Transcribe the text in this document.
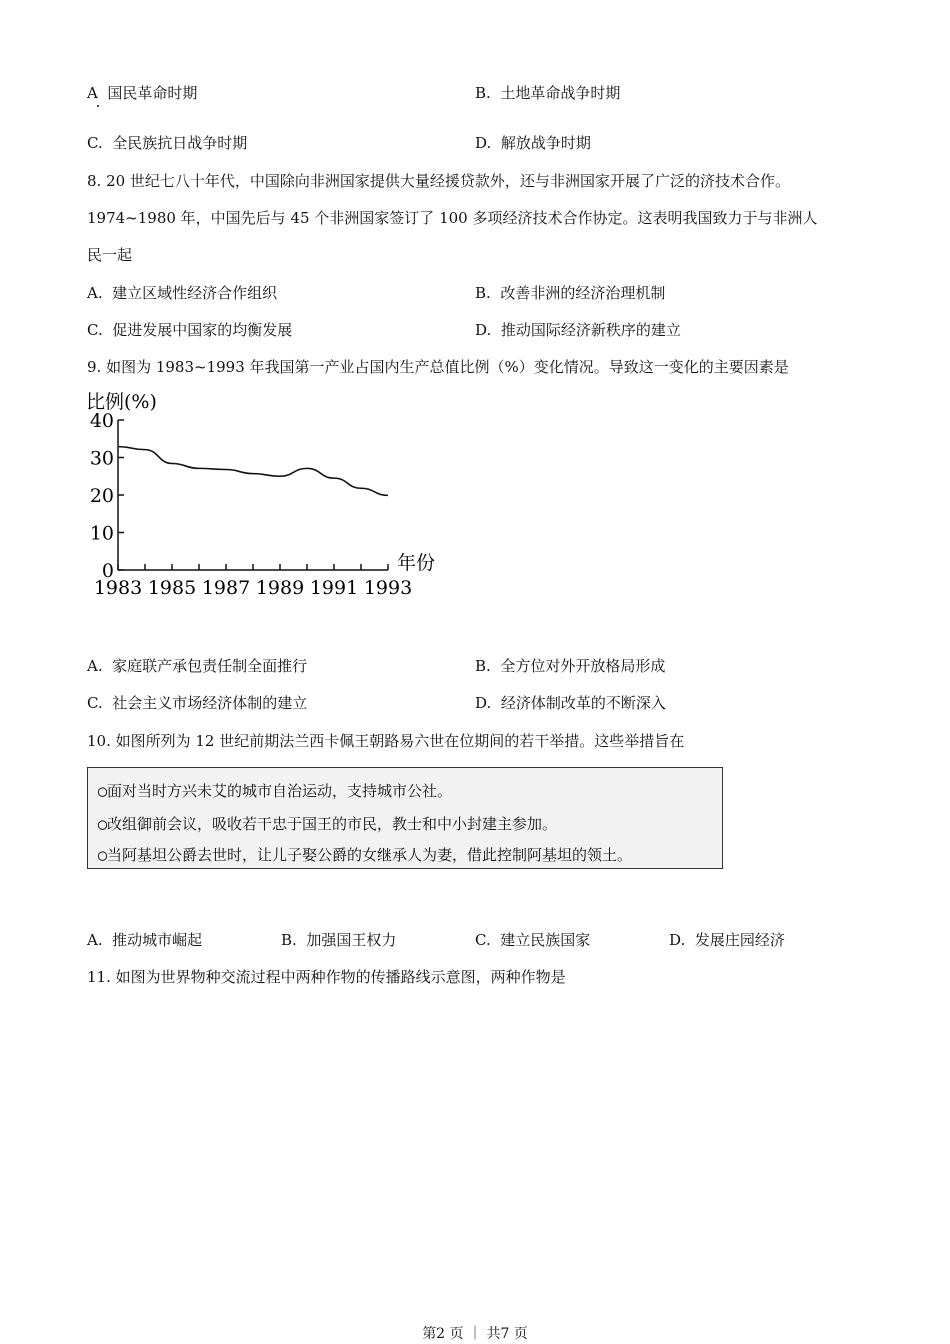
A 国民革命时期	B. 土地革命战争时期
C. 全民族抗日战争时期	D. 解放战争时期
8. 20 世纪七八十年代，中国除向非洲国家提供大量经援贷款外，还与非洲国家开展了广泛的济技术合作。
1974~1980 年，中国先后与 45 个非洲国家签订了 100 多项经济技术合作协定。这表明我国致力于与非洲人
民一起
A. 建立区域性经济合作组织	B. 改善非洲的经济治理机制
C. 促进发展中国家的均衡发展	D. 推动国际经济新秩序的建立
9. 如图为 1983~1993 年我国第一产业占国内生产总值比例（%）变化情况。导致这一变化的主要因素是
比例(%)
0
10
20
30
40
1983 1985 1987 1989 1991 1993
年份
A. 家庭联产承包责任制全面推行	B. 全方位对外开放格局形成
C. 社会主义市场经济体制的建立	D. 经济体制改革的不断深入
10. 如图所列为 12 世纪前期法兰西卡佩王朝路易六世在位期间的若干举措。这些举措旨在
◯面对当时方兴未艾的城市自治运动，支持城市公社。
◯改组御前会议，吸收若干忠于国王的市民，教士和中小封建主参加。
◯当阿基坦公爵去世时，让儿子娶公爵的女继承人为妻，借此控制阿基坦的领土。
A. 推动城市崛起	B. 加强国王权力	C. 建立民族国家	D. 发展庄园经济
11. 如图为世界物种交流过程中两种作物的传播路线示意图，两种作物是
第2 页 ｜ 共7 页
